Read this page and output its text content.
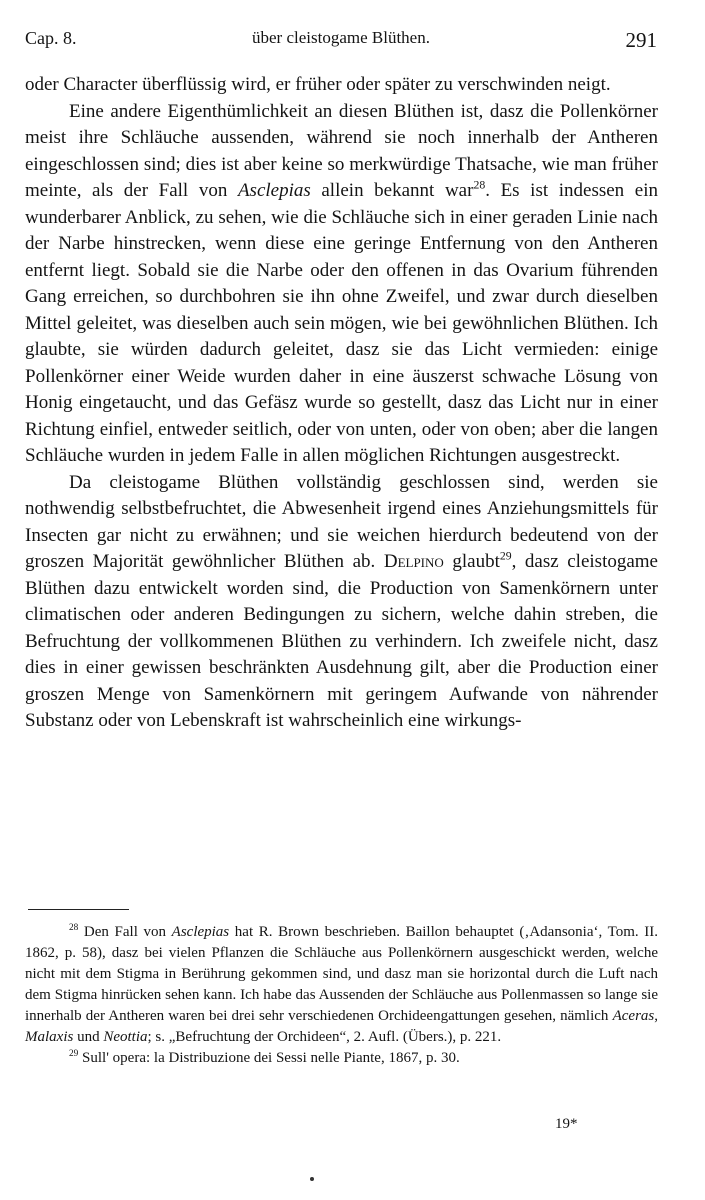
Cap. 8.	über cleistogame Blüthen.	291

oder Character überflüssig wird, er früher oder später zu verschwinden neigt.

Eine andere Eigenthümlichkeit an diesen Blüthen ist, dasz die Pollenkörner meist ihre Schläuche aussenden, während sie noch innerhalb der Antheren eingeschlossen sind; dies ist aber keine so merkwürdige Thatsache, wie man früher meinte, als der Fall von Asclepias allein bekannt war$^{28}$. Es ist indessen ein wunderbarer Anblick, zu sehen, wie die Schläuche sich in einer geraden Linie nach der Narbe hinstrecken, wenn diese eine geringe Entfernung von den Antheren entfernt liegt. Sobald sie die Narbe oder den offenen in das Ovarium führenden Gang erreichen, so durchbohren sie ihn ohne Zweifel, und zwar durch dieselben Mittel geleitet, was dieselben auch sein mögen, wie bei gewöhnlichen Blüthen. Ich glaubte, sie würden dadurch geleitet, dasz sie das Licht vermieden: einige Pollenkörner einer Weide wurden daher in eine äuszerst schwache Lösung von Honig eingetaucht, und das Gefäsz wurde so gestellt, dasz das Licht nur in einer Richtung einfiel, entweder seitlich, oder von unten, oder von oben; aber die langen Schläuche wurden in jedem Falle in allen möglichen Richtungen ausgestreckt.

Da cleistogame Blüthen vollständig geschlossen sind, werden sie nothwendig selbstbefruchtet, die Abwesenheit irgend eines Anziehungsmittels für Insecten gar nicht zu erwähnen; und sie weichen hierdurch bedeutend von der groszen Majorität gewöhnlicher Blüthen ab. Delpino glaubt$^{29}$, dasz cleistogame Blüthen dazu entwickelt worden sind, die Production von Samenkörnern unter climatischen oder anderen Bedingungen zu sichern, welche dahin streben, die Befruchtung der vollkommenen Blüthen zu verhindern. Ich zweifele nicht, dasz dies in einer gewissen beschränkten Ausdehnung gilt, aber die Production einer groszen Menge von Samenkörnern mit geringem Aufwande von nährender Substanz oder von Lebenskraft ist wahrscheinlich eine wirkungs-

$^{28}$ Den Fall von Asclepias hat R. Brown beschrieben. Baillon behauptet (‚Adansonia‘, Tom. II. 1862, p. 58), dasz bei vielen Pflanzen die Schläuche aus Pollenkörnern ausgeschickt werden, welche nicht mit dem Stigma in Berührung gekommen sind, und dasz man sie horizontal durch die Luft nach dem Stigma hinrücken sehen kann. Ich habe das Aussenden der Schläuche aus Pollenmassen so lange sie innerhalb der Antheren waren bei drei sehr verschiedenen Orchideengattungen gesehen, nämlich Aceras, Malaxis und Neottia; s. „Befruchtung der Orchideen“, 2. Aufl. (Übers.), p. 221.

$^{29}$ Sull' opera: la Distribuzione dei Sessi nelle Piante, 1867, p. 30.

19*
